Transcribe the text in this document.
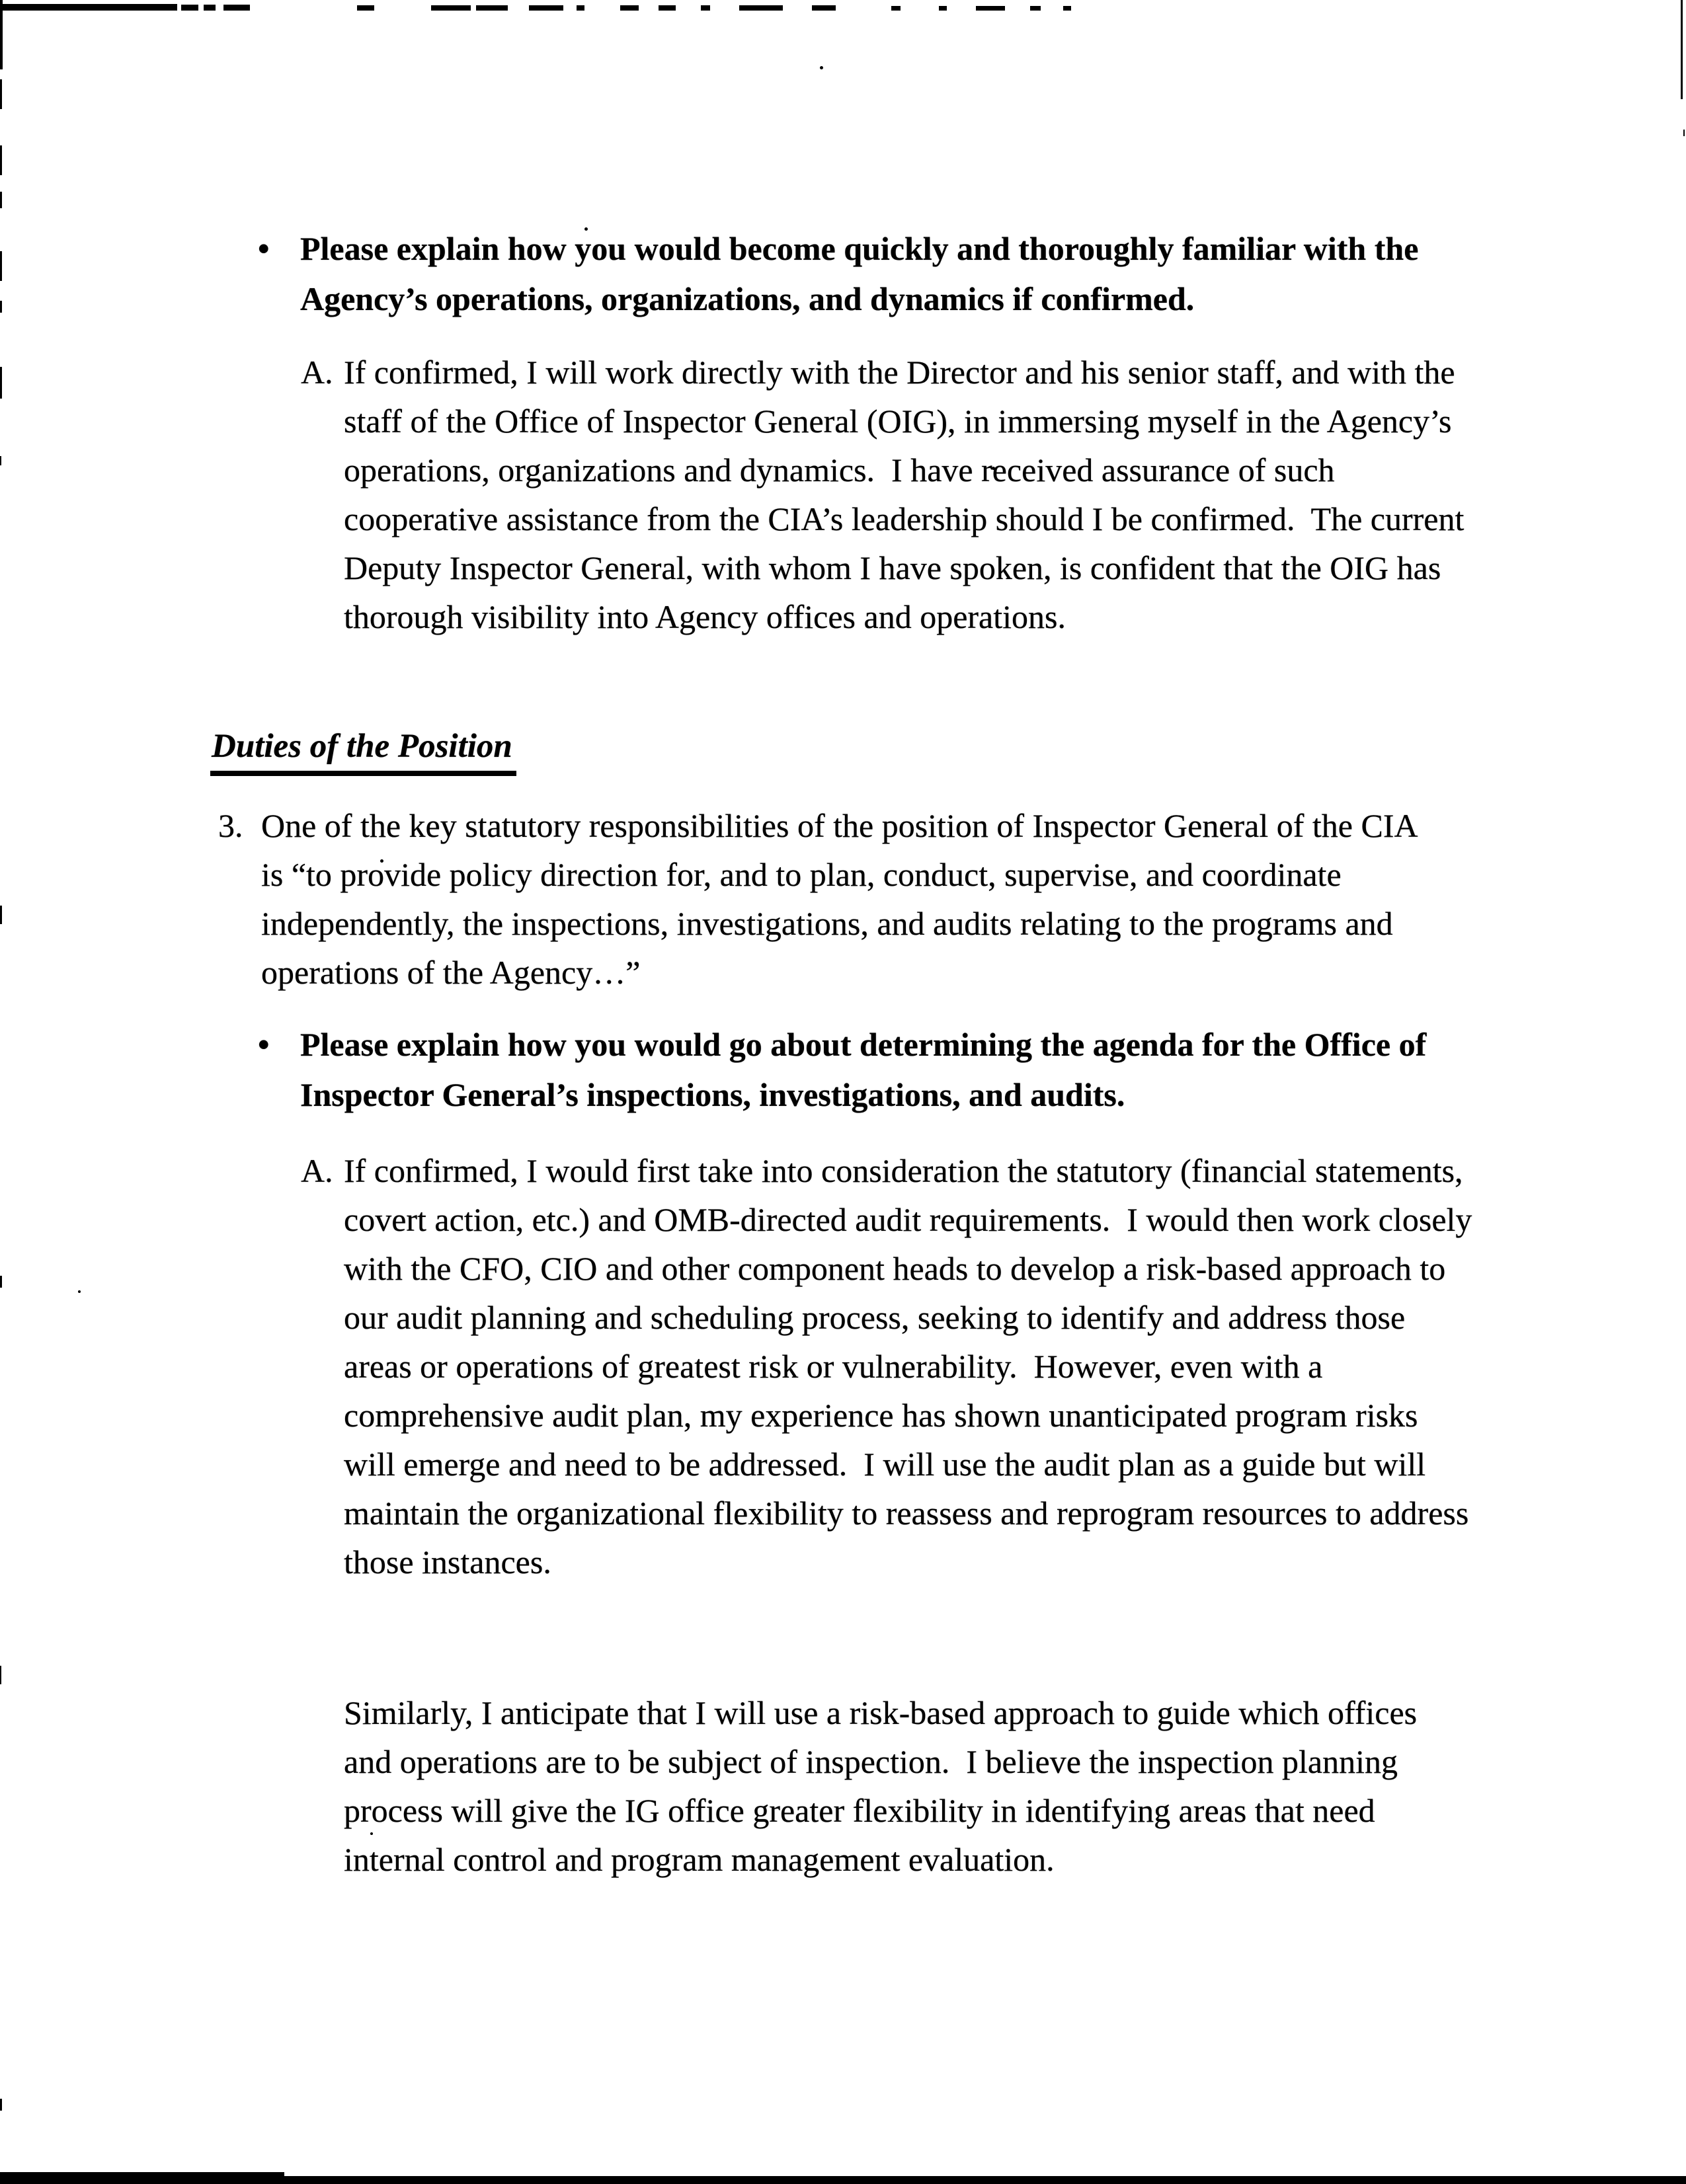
• Please explain how you would become quickly and thoroughly familiar with the Agency’s operations, organizations, and dynamics if confirmed.
A. If confirmed, I will work directly with the Director and his senior staff, and with the staff of the Office of Inspector General (OIG), in immersing myself in the Agency’s operations, organizations and dynamics.  I have received assurance of such cooperative assistance from the CIA’s leadership should I be confirmed.  The current Deputy Inspector General, with whom I have spoken, is confident that the OIG has thorough visibility into Agency offices and operations.
Duties of the Position
3. One of the key statutory responsibilities of the position of Inspector General of the CIA is “to provide policy direction for, and to plan, conduct, supervise, and coordinate independently, the inspections, investigations, and audits relating to the programs and operations of the Agency…”
• Please explain how you would go about determining the agenda for the Office of Inspector General’s inspections, investigations, and audits.
A. If confirmed, I would first take into consideration the statutory (financial statements, covert action, etc.) and OMB-directed audit requirements.  I would then work closely with the CFO, CIO and other component heads to develop a risk-based approach to our audit planning and scheduling process, seeking to identify and address those areas or operations of greatest risk or vulnerability.  However, even with a comprehensive audit plan, my experience has shown unanticipated program risks will emerge and need to be addressed.  I will use the audit plan as a guide but will maintain the organizational flexibility to reassess and reprogram resources to address those instances.
Similarly, I anticipate that I will use a risk-based approach to guide which offices and operations are to be subject of inspection.  I believe the inspection planning process will give the IG office greater flexibility in identifying areas that need internal control and program management evaluation.
